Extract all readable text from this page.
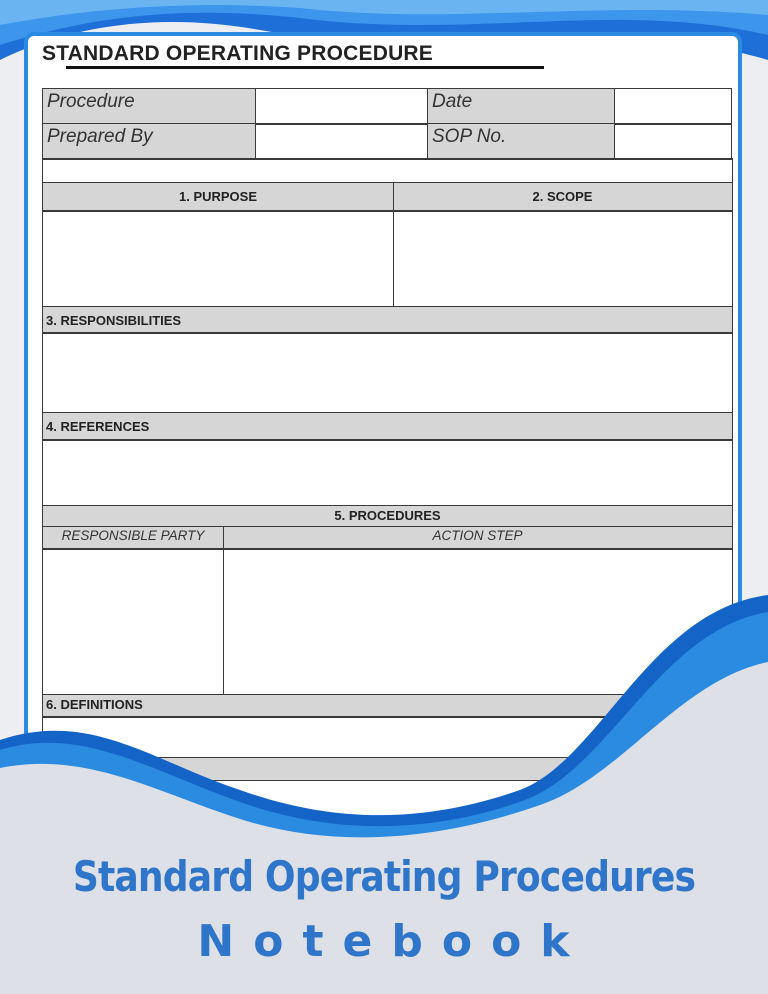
STANDARD OPERATING PROCEDURE
Procedure	Date
Prepared By	SOP No.
1. PURPOSE	2. SCOPE
3. RESPONSIBILITIES
4. REFERENCES
5. PROCEDURES
RESPONSIBLE PARTY	ACTION STEP
6. DEFINITIONS
Standard Operating Procedures
Notebook
